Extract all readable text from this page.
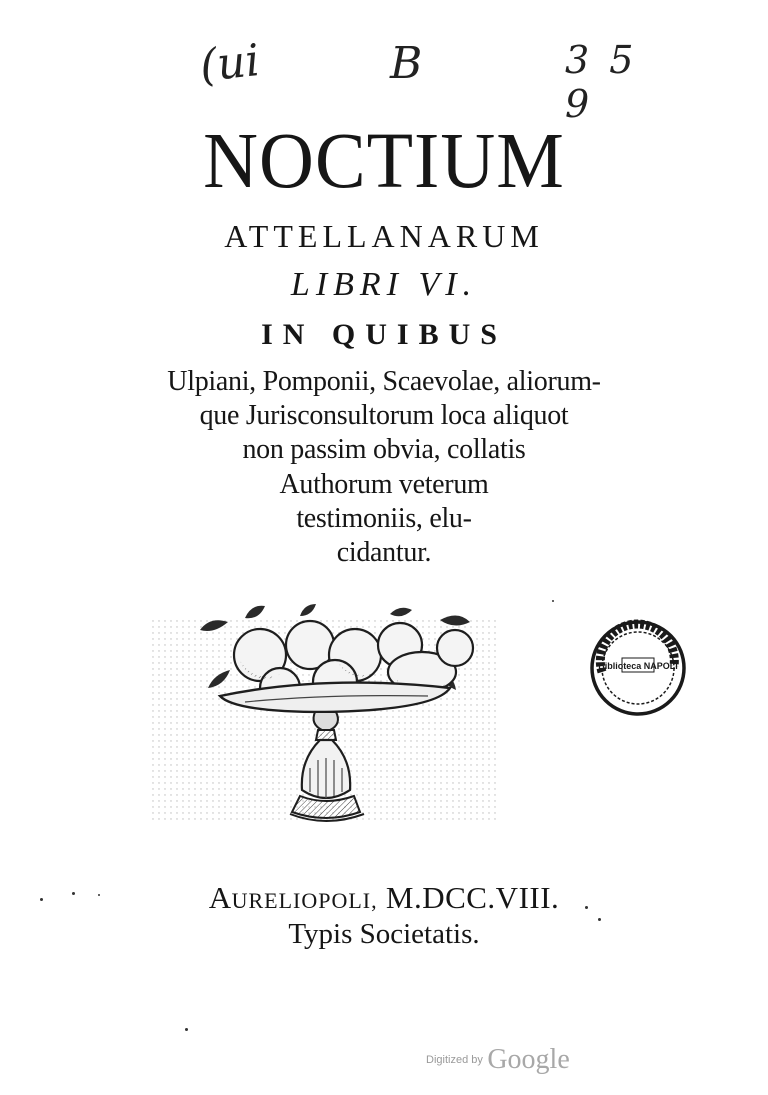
(ui	B	3 5 9
NOCTIUM
ATTELLANARUM
LIBRI VI.
IN QUIBUS
Ulpiani, Pomponii, Scaevolae, aliorum-
que Jurisconsultorum loca aliquot
non passim obvia, collatis
Authorum veterum
testimoniis, elu-
cidantur.
Biblioteca NAPOLI
AURELIOPOLI, M.DCC.VIII.
Typis Societatis.
Digitized by Google
